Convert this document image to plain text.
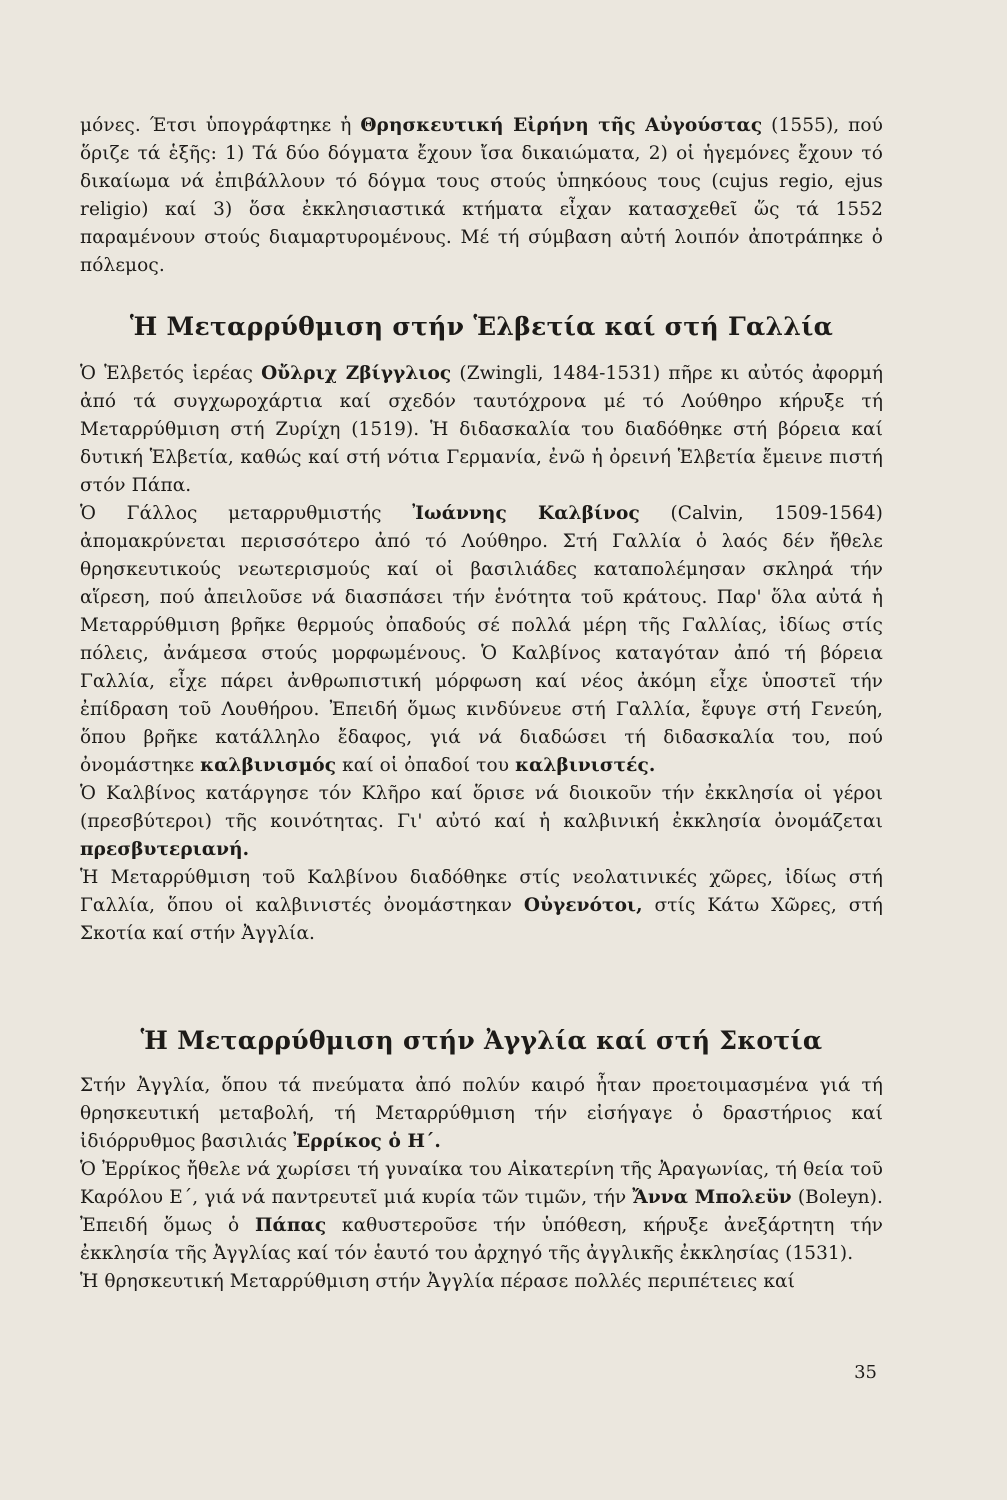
μόνες. Έτσι ὑπογράφτηκε ἡ Θρησκευτική Εἰρήνη τῆς Αὐγούστας (1555), πού ὅριζε τά ἑξῆς: 1) Τά δύο δόγματα ἔχουν ἴσα δικαιώματα, 2) οἱ ἡγεμόνες ἔχουν τό δικαίωμα νά ἐπιβάλλουν τό δόγμα τους στούς ὑπηκόους τους (cujus regio, ejus religio) καί 3) ὅσα ἐκκλησιαστικά κτήματα εἶχαν κατασχεθεῖ ὥς τά 1552 παραμένουν στούς διαμαρτυρομένους. Μέ τή σύμβαση αὐτή λοιπόν ἀποτράπηκε ὁ πόλεμος.

Ἡ Μεταρρύθμιση στήν Ἑλβετία καί στή Γαλλία

Ὁ Ἑλβετός ἱερέας Οὔλριχ Ζβίγγλιος (Zwingli, 1484-1531) πῆρε κι αὐτός ἀφορμή ἀπό τά συγχωροχάρτια καί σχεδόν ταυτόχρονα μέ τό Λούθηρο κήρυξε τή Μεταρρύθμιση στή Ζυρίχη (1519). Ἡ διδασκαλία του διαδόθηκε στή βόρεια καί δυτική Ἑλβετία, καθώς καί στή νότια Γερμανία, ἐνῶ ἡ ὀρεινή Ἑλβετία ἔμεινε πιστή στόν Πάπα.

Ὁ Γάλλος μεταρρυθμιστής Ἰωάννης Καλβίνος (Calvin, 1509-1564) ἀπομακρύνεται περισσότερο ἀπό τό Λούθηρο. Στή Γαλλία ὁ λαός δέν ἤθελε θρησκευτικούς νεωτερισμούς καί οἱ βασιλιάδες καταπολέμησαν σκληρά τήν αἵρεση, πού ἀπειλοῦσε νά διασπάσει τήν ἑνότητα τοῦ κράτους. Παρ' ὅλα αὐτά ἡ Μεταρρύθμιση βρῆκε θερμούς ὀπαδούς σέ πολλά μέρη τῆς Γαλλίας, ἰδίως στίς πόλεις, ἀνάμεσα στούς μορφωμένους. Ὁ Καλβίνος καταγόταν ἀπό τή βόρεια Γαλλία, εἶχε πάρει ἀνθρωπιστική μόρφωση καί νέος ἀκόμη εἶχε ὑποστεῖ τήν ἐπίδραση τοῦ Λουθήρου. Ἐπειδή ὅμως κινδύνευε στή Γαλλία, ἔφυγε στή Γενεύη, ὅπου βρῆκε κατάλληλο ἔδαφος, γιά νά διαδώσει τή διδασκαλία του, πού ὀνομάστηκε καλβινισμός καί οἱ ὀπαδοί του καλβινιστές.

Ὁ Καλβίνος κατάργησε τόν Κλῆρο καί ὅρισε νά διοικοῦν τήν ἐκκλησία οἱ γέροι (πρεσβύτεροι) τῆς κοινότητας. Γι' αὐτό καί ἡ καλβινική ἐκκλησία ὀνομάζεται πρεσβυτεριανή.

Ἡ Μεταρρύθμιση τοῦ Καλβίνου διαδόθηκε στίς νεολατινικές χῶρες, ἰδίως στή Γαλλία, ὅπου οἱ καλβινιστές ὀνομάστηκαν Οὐγενότοι, στίς Κάτω Χῶρες, στή Σκοτία καί στήν Ἀγγλία.

Ἡ Μεταρρύθμιση στήν Ἀγγλία καί στή Σκοτία

Στήν Ἀγγλία, ὅπου τά πνεύματα ἀπό πολύν καιρό ἦταν προετοιμασμένα γιά τή θρησκευτική μεταβολή, τή Μεταρρύθμιση τήν εἰσήγαγε ὁ δραστήριος καί ἰδιόρρυθμος βασιλιάς Ἐρρίκος ὁ Η΄.

Ὁ Ἐρρίκος ἤθελε νά χωρίσει τή γυναίκα του Αἰκατερίνη τῆς Ἀραγωνίας, τή θεία τοῦ Καρόλου Ε΄, γιά νά παντρευτεῖ μιά κυρία τῶν τιμῶν, τήν Ἄννα Μπολεϋν (Boleyn). Ἐπειδή ὅμως ὁ Πάπας καθυστεροῦσε τήν ὑπόθεση, κήρυξε ἀνεξάρτητη τήν ἐκκλησία τῆς Ἀγγλίας καί τόν ἑαυτό του ἀρχηγό τῆς ἀγγλικῆς ἐκκλησίας (1531).

Ἡ θρησκευτική Μεταρρύθμιση στήν Ἀγγλία πέρασε πολλές περιπέτειες καί

35
